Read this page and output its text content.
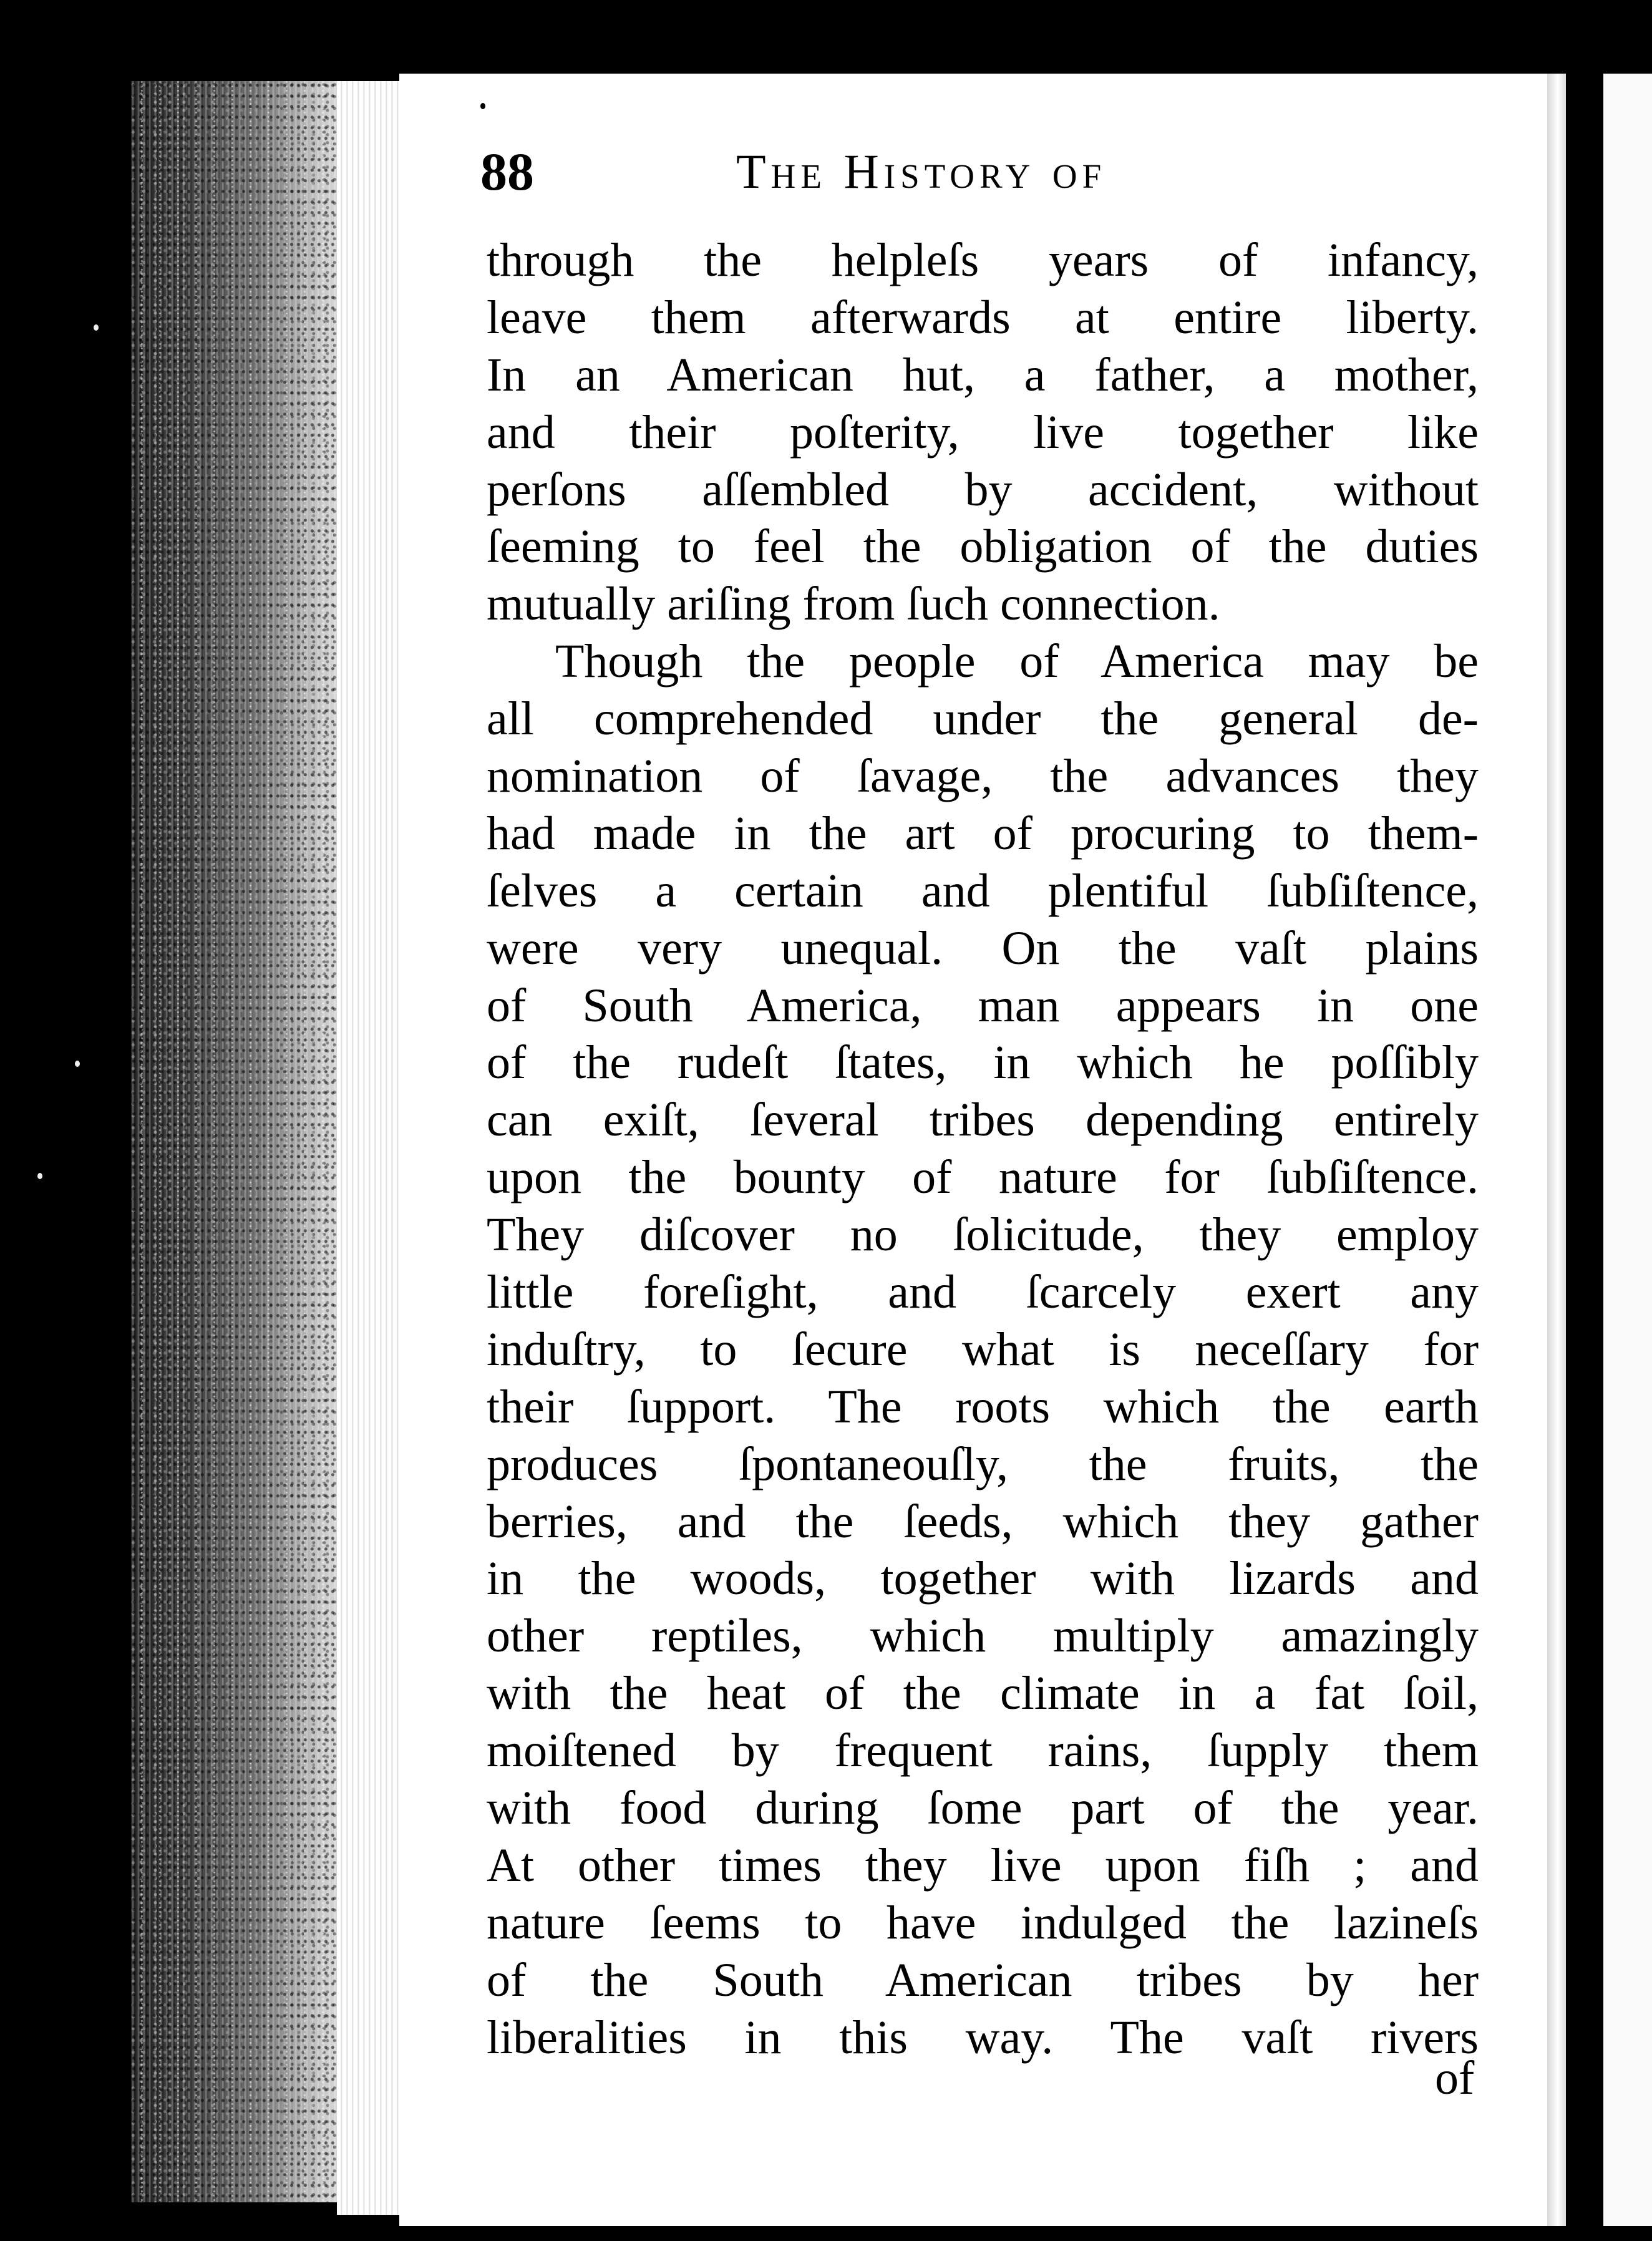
88	The History of
through the helpleſs years of infancy,
leave them afterwards at entire liberty.
In an American hut, a father, a mother,
and their poſterity, live together like
perſons aſſembled by accident, without
ſeeming to feel the obligation of the duties
mutually ariſing from ſuch connection.
Though the people of America may be
all comprehended under the general de-
nomination of ſavage, the advances they
had made in the art of procuring to them-
ſelves a certain and plentiful ſubſiſtence,
were very unequal. On the vaſt plains
of South America, man appears in one
of the rudeſt ſtates, in which he poſſibly
can exiſt, ſeveral tribes depending entirely
upon the bounty of nature for ſubſiſtence.
They diſcover no ſolicitude, they employ
little foreſight, and ſcarcely exert any
induſtry, to ſecure what is neceſſary for
their ſupport. The roots which the earth
produces ſpontaneouſly, the fruits, the
berries, and the ſeeds, which they gather
in the woods, together with lizards and
other reptiles, which multiply amazingly
with the heat of the climate in a fat ſoil,
moiſtened by frequent rains, ſupply them
with food during ſome part of the year.
At other times they live upon fiſh ; and
nature ſeems to have indulged the lazineſs
of the South American tribes by her
liberalities in this way. The vaſt rivers

of
